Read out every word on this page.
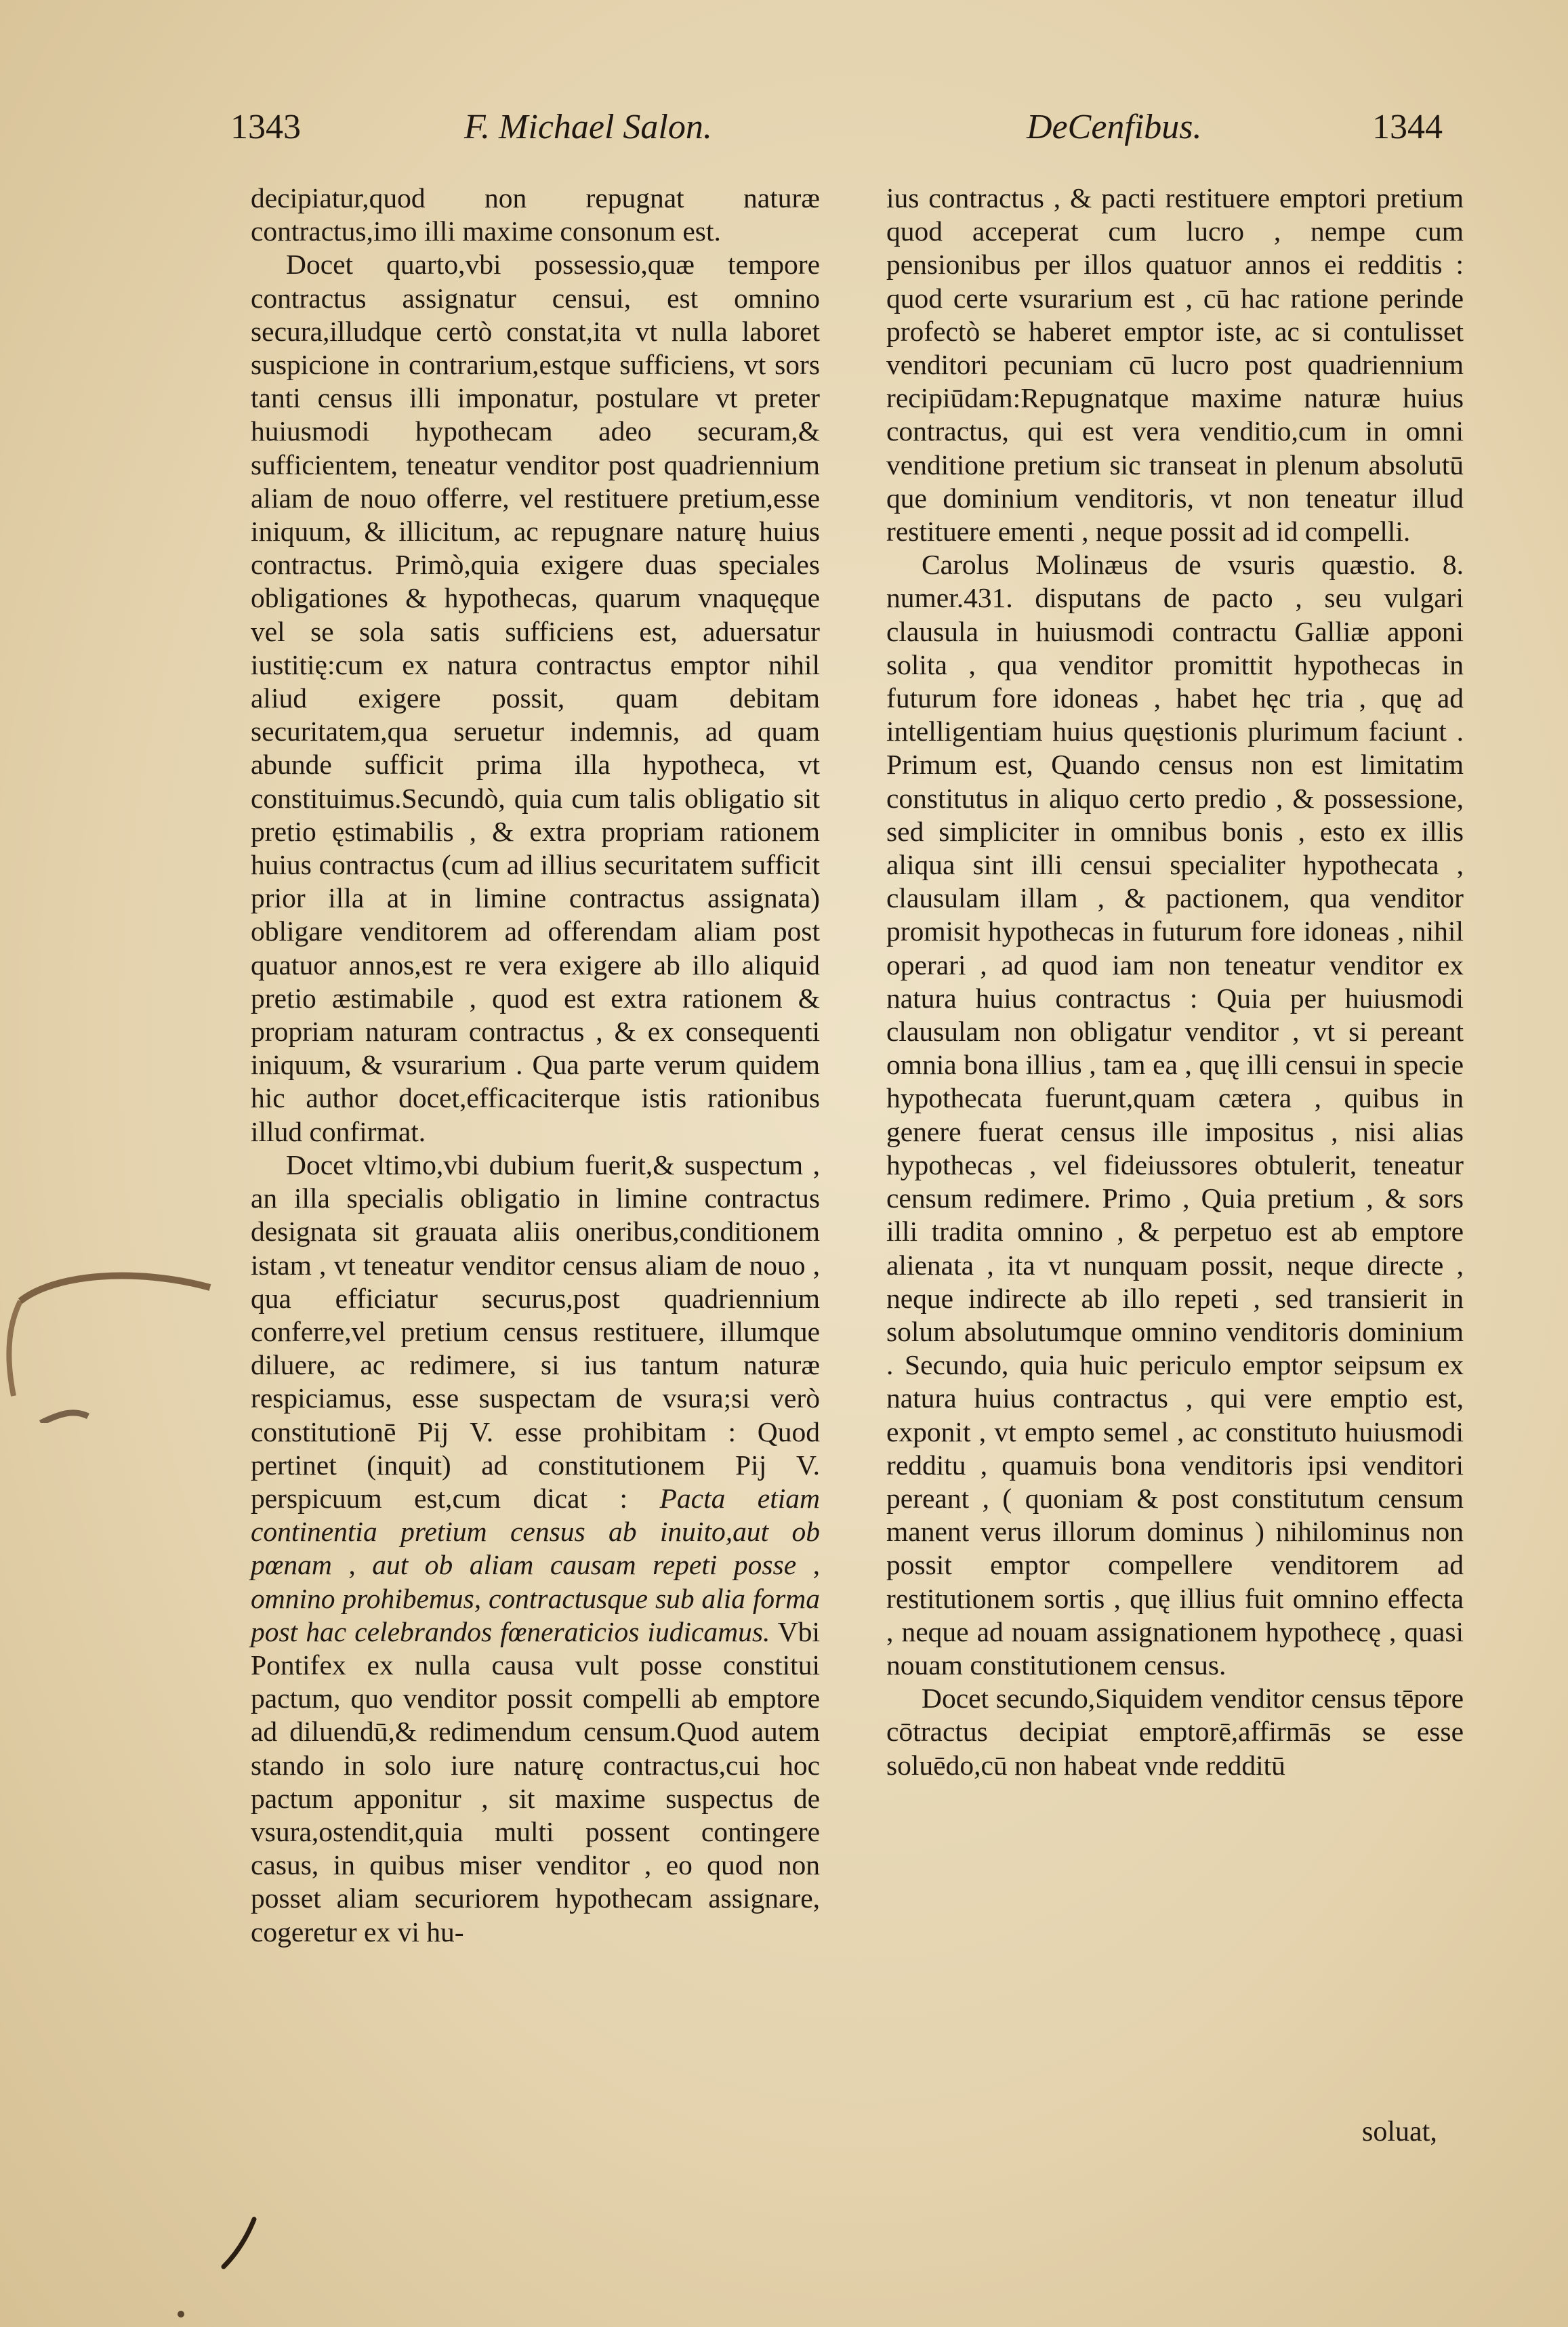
1343	F. Michael Salon.	DeCenfibus.	1344

decipiatur,quod non repugnat naturæ contractus,imo illi maxime consonum est.

Docet quarto,vbi possessio,quæ tempore contractus assignatur censui, est omnino secura,illudque certò constat,ita vt nulla laboret suspicione in contrarium,estque sufficiens, vt sors tanti census illi imponatur, postulare vt preter huiusmodi hypothecam adeo securam,& sufficientem, teneatur venditor post quadriennium aliam de nouo offerre, vel restituere pretium,esse iniquum, & illicitum, ac repugnare naturę huius contractus. Primò,quia exigere duas speciales obligationes & hypothecas, quarum vnaquęque vel se sola satis sufficiens est, aduersatur iustitię:cum ex natura contractus emptor nihil aliud exigere possit, quam debitam securitatem,qua seruetur indemnis, ad quam abunde sufficit prima illa hypotheca, vt constituimus.Secundò, quia cum talis obligatio sit pretio ęstimabilis , & extra propriam rationem huius contractus (cum ad illius securitatem sufficit prior illa at in limine contractus assignata) obligare venditorem ad offerendam aliam post quatuor annos,est re vera exigere ab illo aliquid pretio æstimabile , quod est extra rationem & propriam naturam contractus , & ex consequenti iniquum, & vsurarium . Qua parte verum quidem hic author docet,efficaciterque istis rationibus illud confirmat.

Docet vltimo,vbi dubium fuerit,& suspectum , an illa specialis obligatio in limine contractus designata sit grauata aliis oneribus,conditionem istam , vt teneatur venditor census aliam de nouo , qua efficiatur securus,post quadriennium conferre,vel pretium census restituere, illumque diluere, ac redimere, si ius tantum naturæ respiciamus, esse suspectam de vsura;si verò constitutionē Pij V. esse prohibitam : Quod pertinet (inquit) ad constitutionem Pij V. perspicuum est,cum dicat : Pacta etiam continentia pretium census ab inuito,aut ob pœnam , aut ob aliam causam repeti posse , omnino prohibemus, contractusque sub alia forma post hac celebrandos fœneraticios iudicamus. Vbi Pontifex ex nulla causa vult posse constitui pactum, quo venditor possit compelli ab emptore ad diluendū,& redimendum censum.Quod autem stando in solo iure naturę contractus,cui hoc pactum apponitur , sit maxime suspectus de vsura,ostendit,quia multi possent contingere casus, in quibus miser venditor , eo quod non posset aliam securiorem hypothecam assignare, cogeretur ex vi hu-

ius contractus , & pacti restituere emptori pretium quod acceperat cum lucro , nempe cum pensionibus per illos quatuor annos ei redditis : quod certe vsurarium est , cū hac ratione perinde profectò se haberet emptor iste, ac si contulisset venditori pecuniam cū lucro post quadriennium recipiūdam:Repugnatque maxime naturæ huius contractus, qui est vera venditio,cum in omni venditione pretium sic transeat in plenum absolutū que dominium venditoris, vt non teneatur illud restituere ementi , neque possit ad id compelli.

Carolus Molinæus de vsuris quæstio. 8. numer.431. disputans de pacto , seu vulgari clausula in huiusmodi contractu Galliæ apponi solita , qua venditor promittit hypothecas in futurum fore idoneas , habet hęc tria , quę ad intelligentiam huius quęstionis plurimum faciunt . Primum est, Quando census non est limitatim constitutus in aliquo certo predio , & possessione, sed simpliciter in omnibus bonis , esto ex illis aliqua sint illi censui specialiter hypothecata , clausulam illam , & pactionem, qua venditor promisit hypothecas in futurum fore idoneas , nihil operari , ad quod iam non teneatur venditor ex natura huius contractus : Quia per huiusmodi clausulam non obligatur venditor , vt si pereant omnia bona illius , tam ea , quę illi censui in specie hypothecata fuerunt,quam cætera , quibus in genere fuerat census ille impositus , nisi alias hypothecas , vel fideiussores obtulerit, teneatur censum redimere. Primo , Quia pretium , & sors illi tradita omnino , & perpetuo est ab emptore alienata , ita vt nunquam possit, neque directe , neque indirecte ab illo repeti , sed transierit in solum absolutumque omnino venditoris dominium . Secundo, quia huic periculo emptor seipsum ex natura huius contractus , qui vere emptio est, exponit , vt empto semel , ac constituto huiusmodi redditu , quamuis bona venditoris ipsi venditori pereant , ( quoniam & post constitutum censum manent verus illorum dominus ) nihilominus non possit emptor compellere venditorem ad restitutionem sortis , quę illius fuit omnino effecta , neque ad nouam assignationem hypothecę , quasi nouam constitutionem census.

Docet secundo,Siquidem venditor census tēpore cōtractus decipiat emptorē,affirmās se esse soluēdo,cū non habeat vnde redditū

soluat,
